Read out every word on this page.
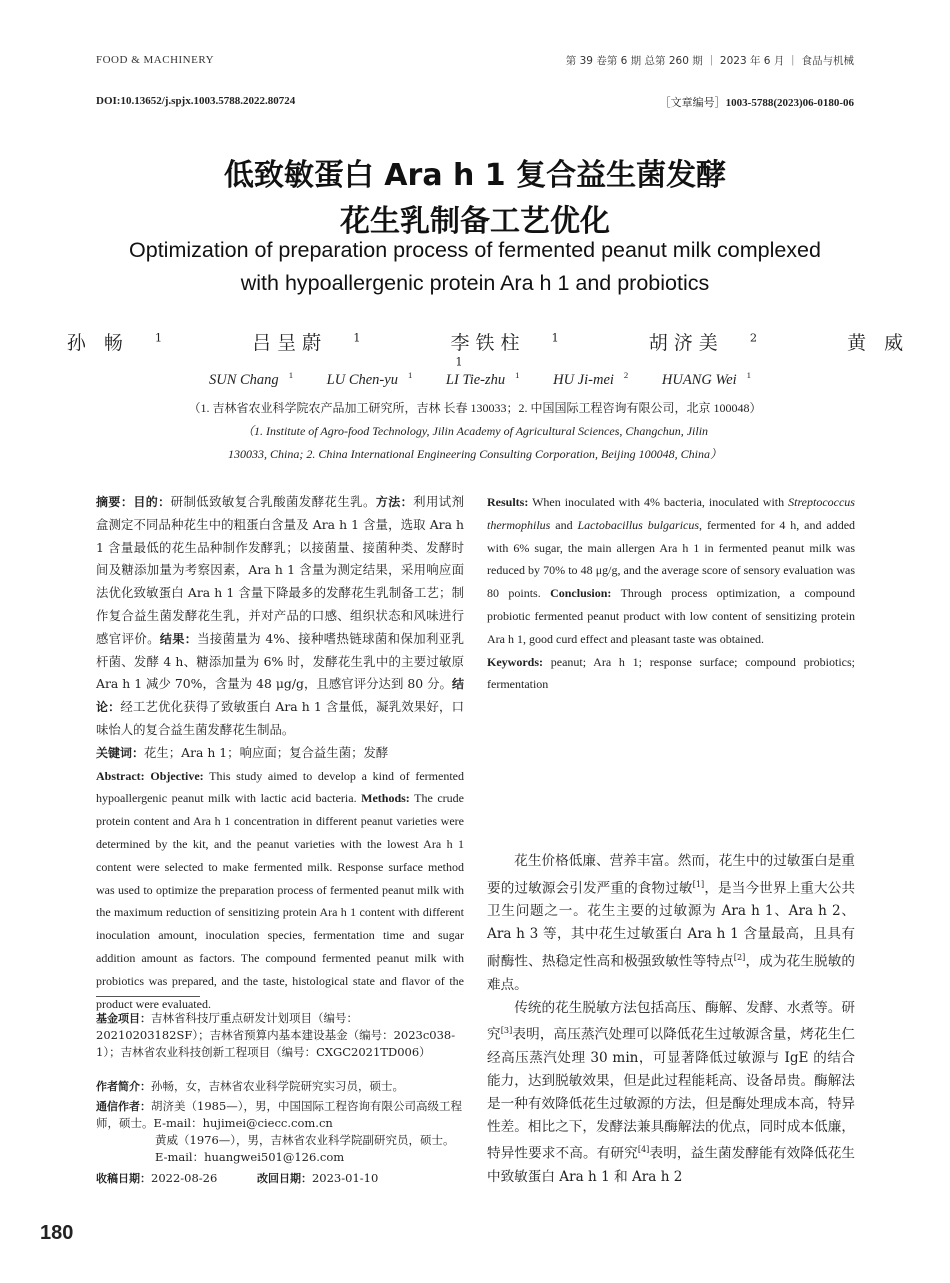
FOOD & MACHINERY	第 39 卷第 6 期 总第 260 期 ｜ 2023 年 6 月 ｜ 食品与机械
DOI:10.13652/j.spjx.1003.5788.2022.80724	［文章编号］1003-5788(2023)06-0180-06
低致敏蛋白 Ara h 1 复合益生菌发酵
花生乳制备工艺优化
Optimization of preparation process of fermented peanut milk complexed
with hypoallergenic protein Ara h 1 and probiotics
孙 畅 $^1$	吕呈蔚 $^1$	李铁柱 $^1$	胡济美 $^2$	黄 威$^1$
SUN Chang $^1$ LU Chen-yu $^1$ LI Tie-zhu $^1$ HU Ji-mei $^2$ HUANG Wei $^1$
（1. 吉林省农业科学院农产品加工研究所，吉林 长春 130033；2. 中国国际工程咨询有限公司，北京 100048）
（1. Institute of Agro-food Technology, Jilin Academy of Agricultural Sciences, Changchun, Jilin
130033, China; 2. China International Engineering Consulting Corporation, Beijing 100048, China）

摘要：目的：研制低致敏复合乳酸菌发酵花生乳。方法：利用试剂盒测定不同品种花生中的粗蛋白含量及 Ara h 1 含量，选取 Ara h 1 含量最低的花生品种制作发酵乳；以接菌量、接菌种类、发酵时间及糖添加量为考察因素，Ara h 1 含量为测定结果，采用响应面法优化致敏蛋白 Ara h 1 含量下降最多的发酵花生乳制备工艺；制作复合益生菌发酵花生乳，并对产品的口感、组织状态和风味进行感官评价。结果：当接菌量为 4%、接种嗜热链球菌和保加利亚乳杆菌、发酵 4 h、糖添加量为 6% 时，发酵花生乳中的主要过敏原 Ara h 1 减少 70%，含量为 48 μg/g，且感官评分达到 80 分。结论：经工艺优化获得了致敏蛋白 Ara h 1 含量低，凝乳效果好，口味怡人的复合益生菌发酵花生制品。

关键词：花生；Ara h 1；响应面；复合益生菌；发酵

Abstract: Objective: This study aimed to develop a kind of fermented hypoallergenic peanut milk with lactic acid bacteria. Methods: The crude protein content and Ara h 1 concentration in different peanut varieties were determined by the kit, and the peanut varieties with the lowest Ara h 1 content were selected to make fermented milk. Response surface method was used to optimize the preparation process of fermented peanut milk with the maximum reduction of sensitizing protein Ara h 1 content with different inoculation amount, inoculation species, fermentation time and sugar addition amount as factors. The compound fermented peanut milk with probiotics was prepared, and the taste, histological state and flavor of the product were evaluated.

Results: When inoculated with 4% bacteria, inoculated with Streptococcus thermophilus and Lactobacillus bulgaricus, fermented for 4 h, and added with 6% sugar, the main allergen Ara h 1 in fermented peanut milk was reduced by 70% to 48 μg/g, and the average score of sensory evaluation was 80 points. Conclusion: Through process optimization, a compound probiotic fermented peanut product with low content of sensitizing protein Ara h 1, good curd effect and pleasant taste was obtained.

Keywords: peanut; Ara h 1; response surface; compound probiotics; fermentation

基金项目：吉林省科技厅重点研发计划项目（编号：20210203182SF）；吉林省预算内基本建设基金（编号：2023c038-1）；吉林省农业科技创新工程项目（编号：CXGC2021TD006）
作者简介：孙畅，女，吉林省农业科学院研究实习员，硕士。
通信作者：胡济美（1985—），男，中国国际工程咨询有限公司高级工程师，硕士。E-mail：hujimei@ciecc.com.cn
黄威（1976—），男，吉林省农业科学院副研究员，硕士。E-mail：huangwei501@126.com
收稿日期：2022-08-26	改回日期：2023-01-10

花生价格低廉、营养丰富。然而，花生中的过敏蛋白是重要的过敏源会引发严重的食物过敏[1]，是当今世界上重大公共卫生问题之一。花生主要的过敏源为 Ara h 1、Ara h 2、Ara h 3 等，其中花生过敏蛋白 Ara h 1 含量最高，且具有耐酶性、热稳定性高和极强致敏性等特点[2]，成为花生脱敏的难点。

传统的花生脱敏方法包括高压、酶解、发酵、水煮等。研究[3]表明，高压蒸汽处理可以降低花生过敏源含量，烤花生仁经高压蒸汽处理 30 min，可显著降低过敏源与 IgE 的结合能力，达到脱敏效果，但是此过程能耗高、设备昂贵。酶解法是一种有效降低花生过敏源的方法，但是酶处理成本高，特异性差。相比之下，发酵法兼具酶解法的优点，同时成本低廉，特异性要求不高。有研究[4]表明，益生菌发酵能有效降低花生中致敏蛋白 Ara h 1 和 Ara h 2

180
